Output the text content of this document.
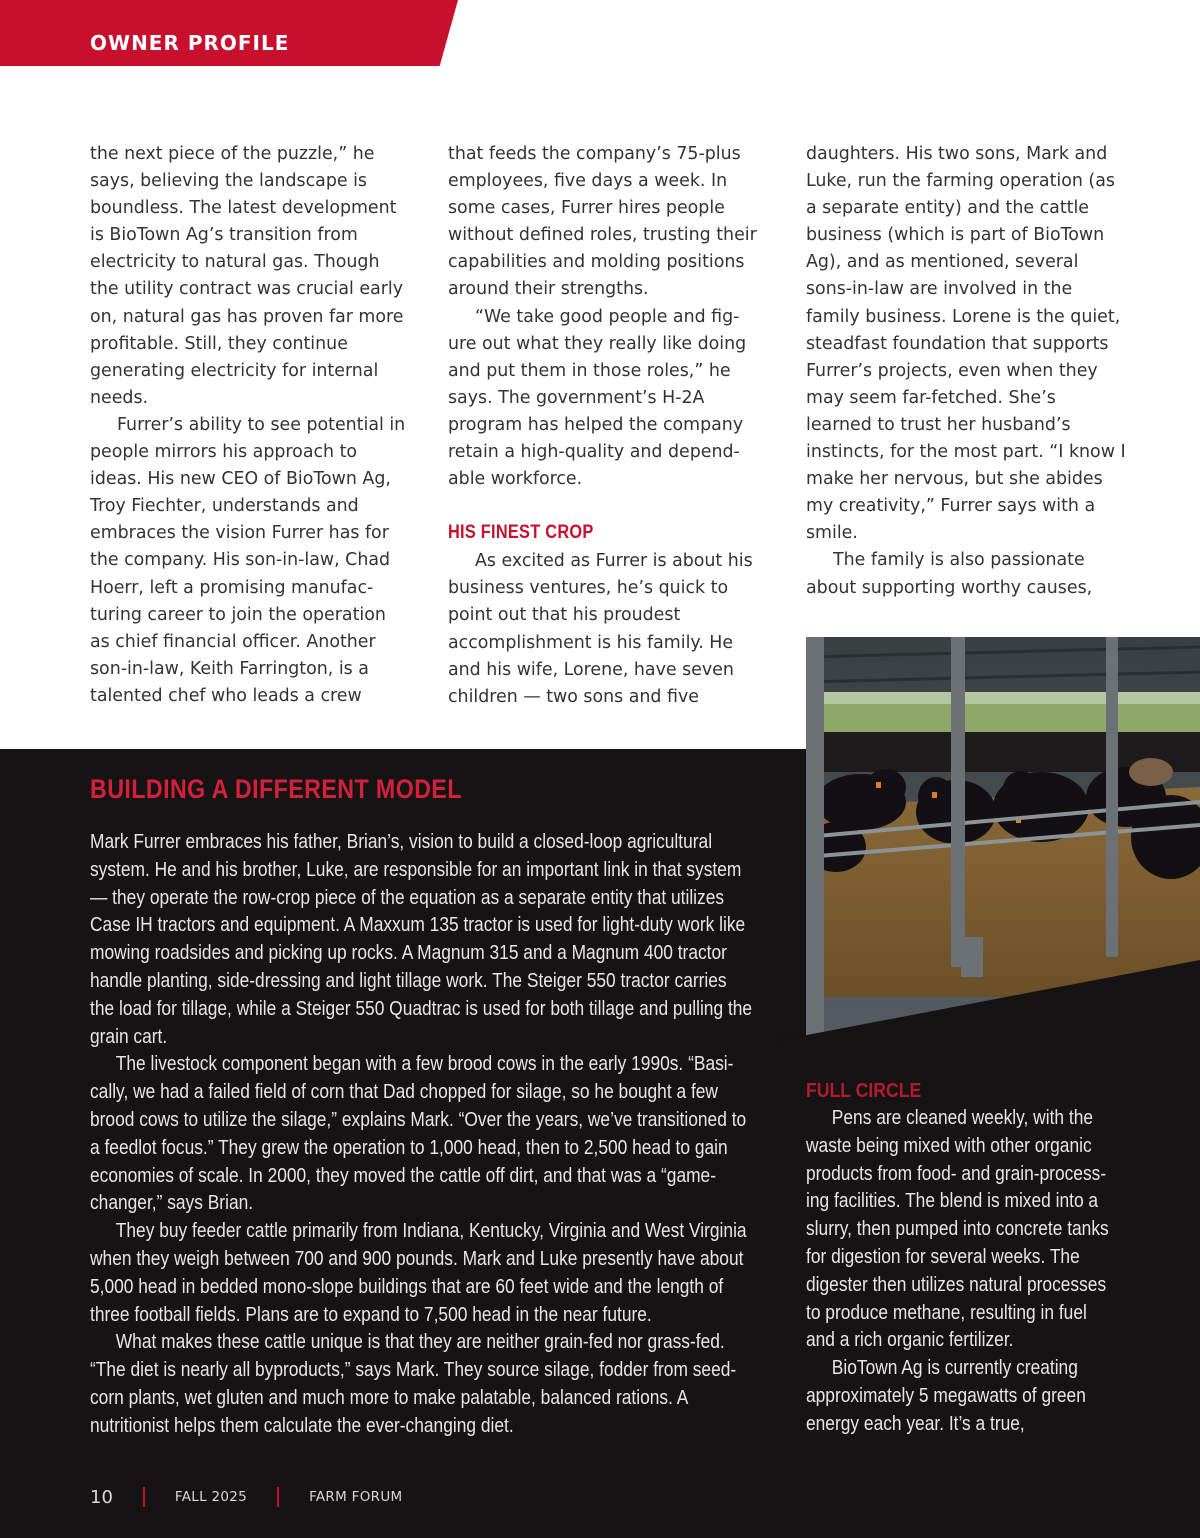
OWNER PROFILE

the next piece of the puzzle,” he says, believing the landscape is boundless. The latest development is BioTown Ag’s transition from electricity to natural gas. Though the utility contract was crucial early on, natural gas has proven far more profitable. Still, they continue generating electricity for internal needs.

Furrer’s ability to see potential in people mirrors his approach to ideas. His new CEO of BioTown Ag, Troy Fiechter, understands and embraces the vision Furrer has for the company. His son-in-law, Chad Hoerr, left a promising manufacturing career to join the operation as chief financial officer. Another son-in-law, Keith Farrington, is a talented chef who leads a crew

that feeds the company’s 75-plus employees, five days a week. In some cases, Furrer hires people without defined roles, trusting their capabilities and molding positions around their strengths.

“We take good people and figure out what they really like doing and put them in those roles,” he says. The government’s H-2A program has helped the company retain a high-quality and dependable workforce.

HIS FINEST CROP

As excited as Furrer is about his business ventures, he’s quick to point out that his proudest accomplishment is his family. He and his wife, Lorene, have seven children — two sons and five

daughters. His two sons, Mark and Luke, run the farming operation (as a separate entity) and the cattle business (which is part of BioTown Ag), and as mentioned, several sons-in-law are involved in the family business. Lorene is the quiet, steadfast foundation that supports Furrer’s projects, even when they may seem far-fetched. She’s learned to trust her husband’s instincts, for the most part. “I know I make her nervous, but she abides my creativity,” Furrer says with a smile.

The family is also passionate about supporting worthy causes,

BUILDING A DIFFERENT MODEL

Mark Furrer embraces his father, Brian’s, vision to build a closed-loop agricultural system. He and his brother, Luke, are responsible for an important link in that system — they operate the row-crop piece of the equation as a separate entity that utilizes Case IH tractors and equipment. A Maxxum 135 tractor is used for light-duty work like mowing roadsides and picking up rocks. A Magnum 315 and a Magnum 400 tractor handle planting, side-dressing and light tillage work. The Steiger 550 tractor carries the load for tillage, while a Steiger 550 Quadtrac is used for both tillage and pulling the grain cart.

The livestock component began with a few brood cows in the early 1990s. “Basically, we had a failed field of corn that Dad chopped for silage, so he bought a few brood cows to utilize the silage,” explains Mark. “Over the years, we’ve transitioned to a feedlot focus.” They grew the operation to 1,000 head, then to 2,500 head to gain economies of scale. In 2000, they moved the cattle off dirt, and that was a “game-changer,” says Brian.

They buy feeder cattle primarily from Indiana, Kentucky, Virginia and West Virginia when they weigh between 700 and 900 pounds. Mark and Luke presently have about 5,000 head in bedded mono-slope buildings that are 60 feet wide and the length of three football fields. Plans are to expand to 7,500 head in the near future.

What makes these cattle unique is that they are neither grain-fed nor grass-fed. “The diet is nearly all byproducts,” says Mark. They source silage, fodder from seed-corn plants, wet gluten and much more to make palatable, balanced rations. A nutritionist helps them calculate the ever-changing diet.

FULL CIRCLE

Pens are cleaned weekly, with the waste being mixed with other organic products from food- and grain-processing facilities. The blend is mixed into a slurry, then pumped into concrete tanks for digestion for several weeks. The digester then utilizes natural processes to produce methane, resulting in fuel and a rich organic fertilizer.

BioTown Ag is currently creating approximately 5 megawatts of green energy each year. It’s a true,

10	FALL 2025	FARM FORUM
